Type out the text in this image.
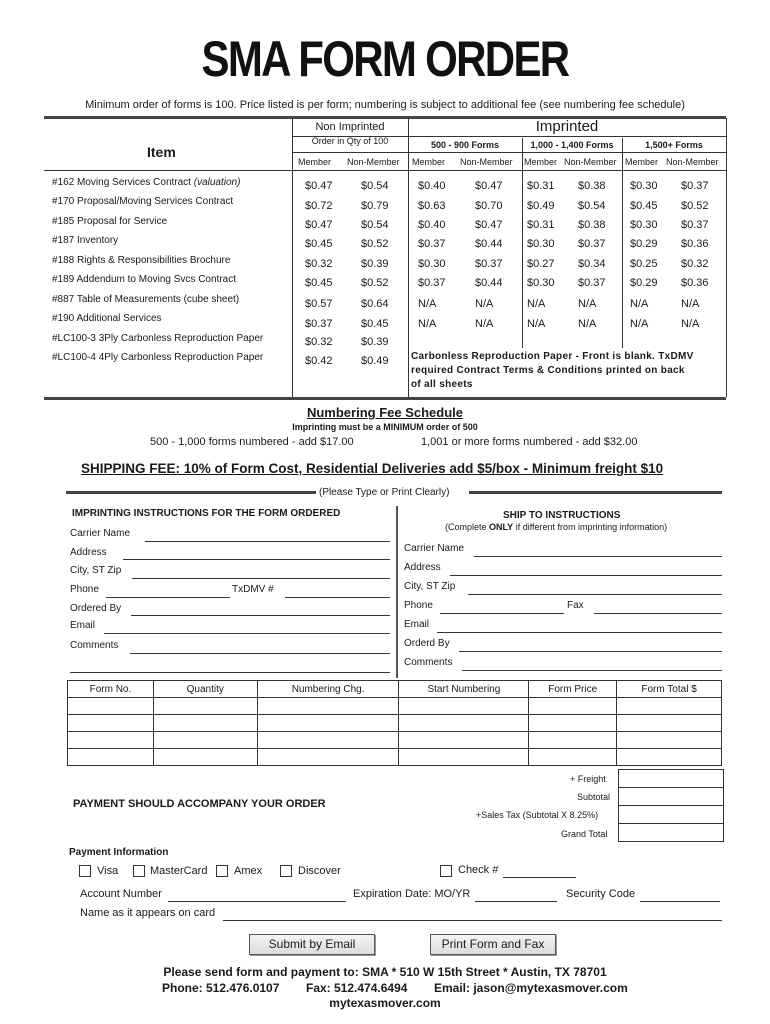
SMA FORM ORDER
Minimum order of forms is 100. Price listed is per form; numbering is subject to additional fee (see numbering fee schedule)
Item
Non Imprinted
Order in Qty of 100
Imprinted
500 - 900 Forms	1,000 - 1,400 Forms	1,500+ Forms
Member Non-Member Member Non-Member Member Non-Member Member Non-Member
#162 Moving Services Contract (valuation)	$0.47	$0.54	$0.40	$0.47 $0.31 $0.38 $0.30 $0.37
#170 Proposal/Moving Services Contract	$0.72	$0.79	$0.63	$0.70 $0.49 $0.54 $0.45 $0.52
#185 Proposal for Service	$0.47	$0.54	$0.40	$0.47 $0.31 $0.38 $0.30 $0.37
#187 Inventory	$0.45	$0.52	$0.37	$0.44 $0.30 $0.37 $0.29 $0.36
#188 Rights & Responsibilities Brochure	$0.32	$0.39	$0.30	$0.37 $0.27 $0.34 $0.25 $0.32
#189 Addendum to Moving Svcs Contract	$0.45	$0.52	$0.37	$0.44 $0.30 $0.37 $0.29 $0.36
#887 Table of Measurements (cube sheet)	$0.57	$0.64	N/A	N/A	N/A	N/A	N/A	N/A
#190 Additional Services	$0.37	$0.45	N/A	N/A	N/A	N/A	N/A	N/A
#LC100-3 3Ply Carbonless Reproduction Paper	$0.32	$0.39
#LC100-4 4Ply Carbonless Reproduction Paper	$0.42	$0.49 Carbonless Reproduction Paper - Front is blank. TxDMV
required Contract Terms & Conditions printed on back
of all sheets
Numbering Fee Schedule
Imprinting must be a MINIMUM order of 500
500 - 1,000 forms numbered - add $17.00	1,001 or more forms numbered - add $32.00
SHIPPING FEE: 10% of Form Cost, Residential Deliveries add $5/box - Minimum freight $10
(Please Type or Print Clearly)
IMPRINTING INSTRUCTIONS FOR THE FORM ORDERED
Carrier Name
Address
City, ST Zip
Phone	TxDMV #
Ordered By
Email
Comments
SHIP TO INSTRUCTIONS
(Complete ONLY if different from imprinting information)
Carrier Name
Address
City, ST Zip
Phone	Fax
Email
Orderd By
Comments
Form No.	Quantity	Numbering Chg.	Start Numbering	Form Price	Form Total $

+ Freight
Subtotal
+Sales Tax (Subtotal X 8.25%)
Grand Total
PAYMENT SHOULD ACCOMPANY YOUR ORDER
Payment Information
Visa	MasterCard Amex	Discover	Check #
Account Number	Expiration Date: MO/YR	Security Code
Name as it appears on card
Submit by Email	Print Form and Fax
Please send form and payment to: SMA * 510 W 15th Street * Austin, TX 78701
Phone: 512.476.0107 Fax: 512.474.6494 Email: jason@mytexasmover.com
mytexasmover.com
